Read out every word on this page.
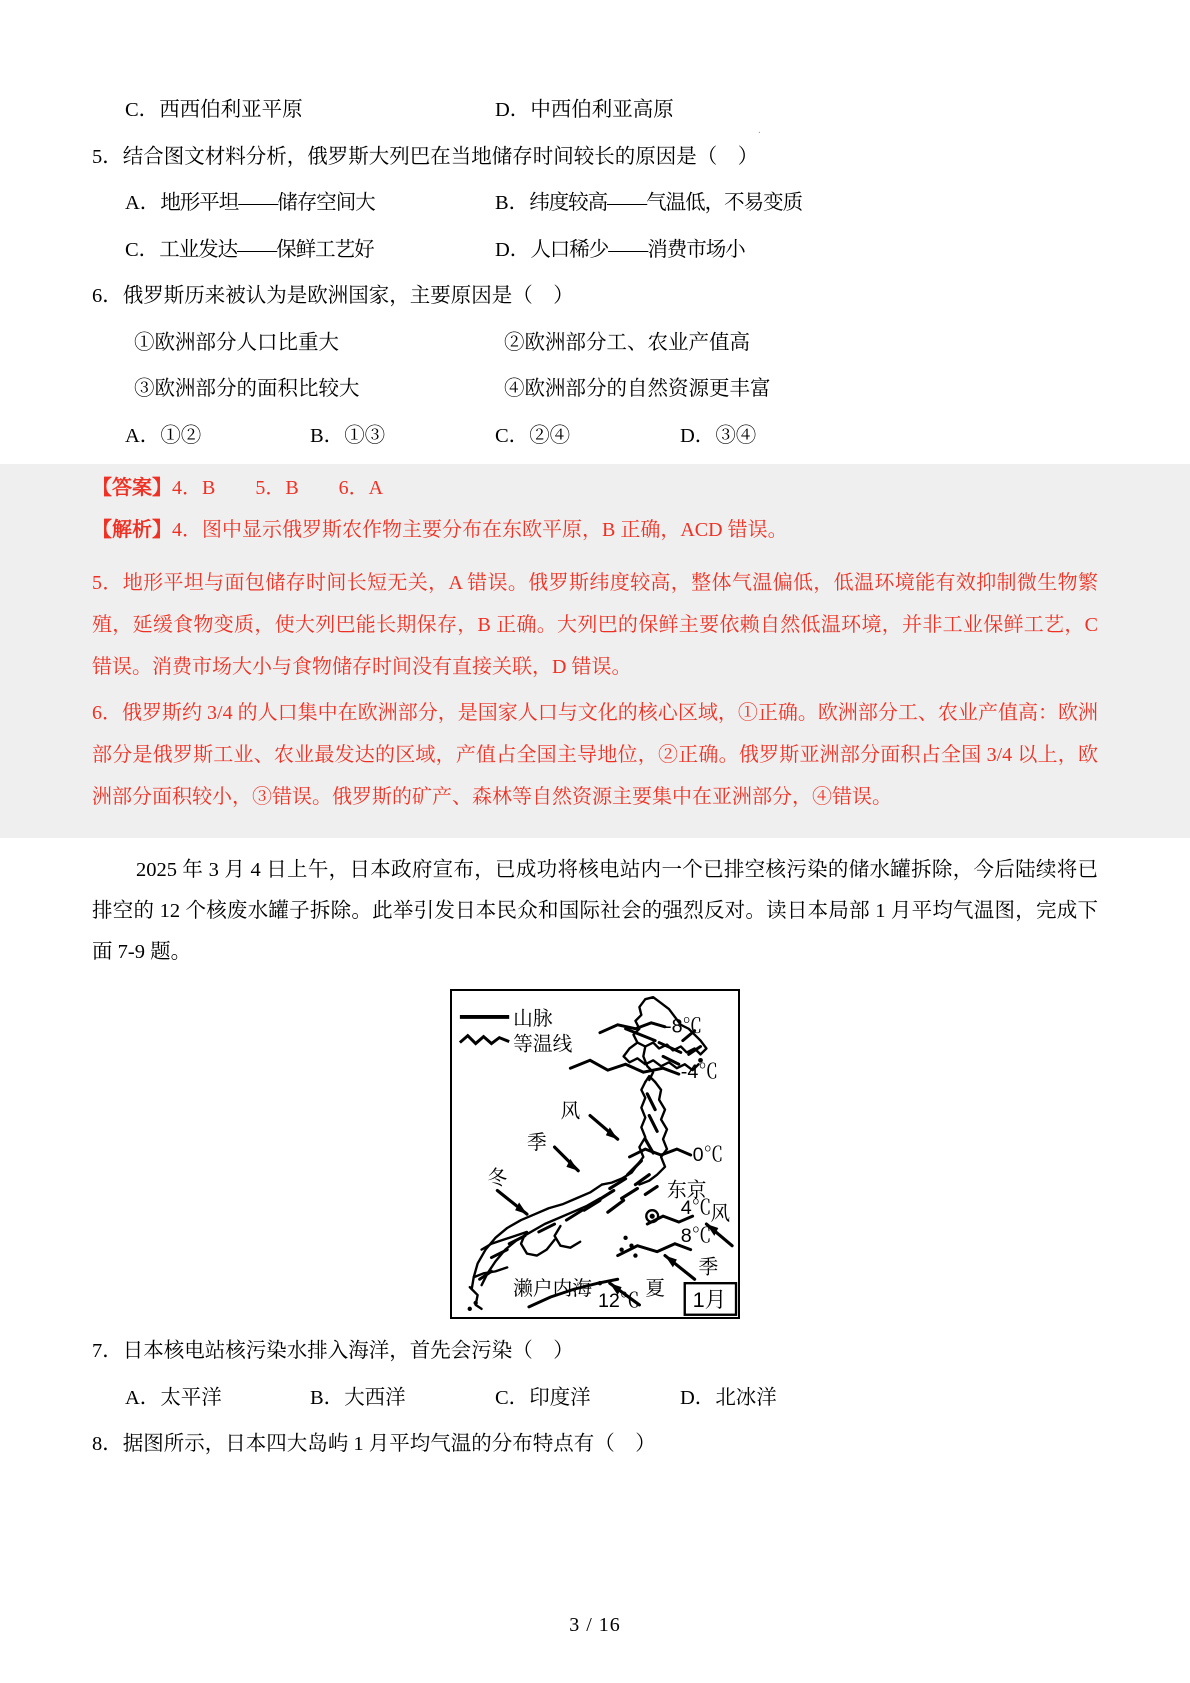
.
C．西西伯利亚平原	D．中西伯利亚高原
5．结合图文材料分析，俄罗斯大列巴在当地储存时间较长的原因是（　）
A．地形平坦——储存空间大	B．纬度较高——气温低，不易变质
C．工业发达——保鲜工艺好	D．人口稀少——消费市场小
6．俄罗斯历来被认为是欧洲国家，主要原因是（　）
①欧洲部分人口比重大	②欧洲部分工、农业产值高
③欧洲部分的面积比较大	④欧洲部分的自然资源更丰富
A．①②	B．①③	C．②④	D．③④
【答案】4．B　　5．B　　6．A
【解析】4．图中显示俄罗斯农作物主要分布在东欧平原，B 正确，ACD 错误。
5．地形平坦与面包储存时间长短无关，A 错误。俄罗斯纬度较高，整体气温偏低，低温环境能有效抑制微生物繁殖，延缓食物变质，使大列巴能长期保存，B 正确。大列巴的保鲜主要依赖自然低温环境，并非工业保鲜工艺，C 错误。消费市场大小与食物储存时间没有直接关联，D 错误。
6．俄罗斯约 3/4 的人口集中在欧洲部分，是国家人口与文化的核心区域，①正确。欧洲部分工、农业产值高：欧洲部分是俄罗斯工业、农业最发达的区域，产值占全国主导地位，②正确。俄罗斯亚洲部分面积占全国 3/4 以上，欧洲部分面积较小，③错误。俄罗斯的矿产、森林等自然资源主要集中在亚洲部分，④错误。
2025 年 3 月 4 日上午，日本政府宣布，已成功将核电站内一个已排空核污染的储水罐拆除，今后陆续将已排空的 12 个核废水罐子拆除。此举引发日本民众和国际社会的强烈反对。读日本局部 1 月平均气温图，完成下面 7-9 题。
山脉
等温线
-8℃
-4℃
0℃
东京
4℃
8℃
12℃
濑户内海
风
季
冬
风
季
夏 1月
7．日本核电站核污染水排入海洋，首先会污染（　）
A．太平洋	B．大西洋	C．印度洋	D．北冰洋
8．据图所示，日本四大岛屿 1 月平均气温的分布特点有（　）
3 / 16
